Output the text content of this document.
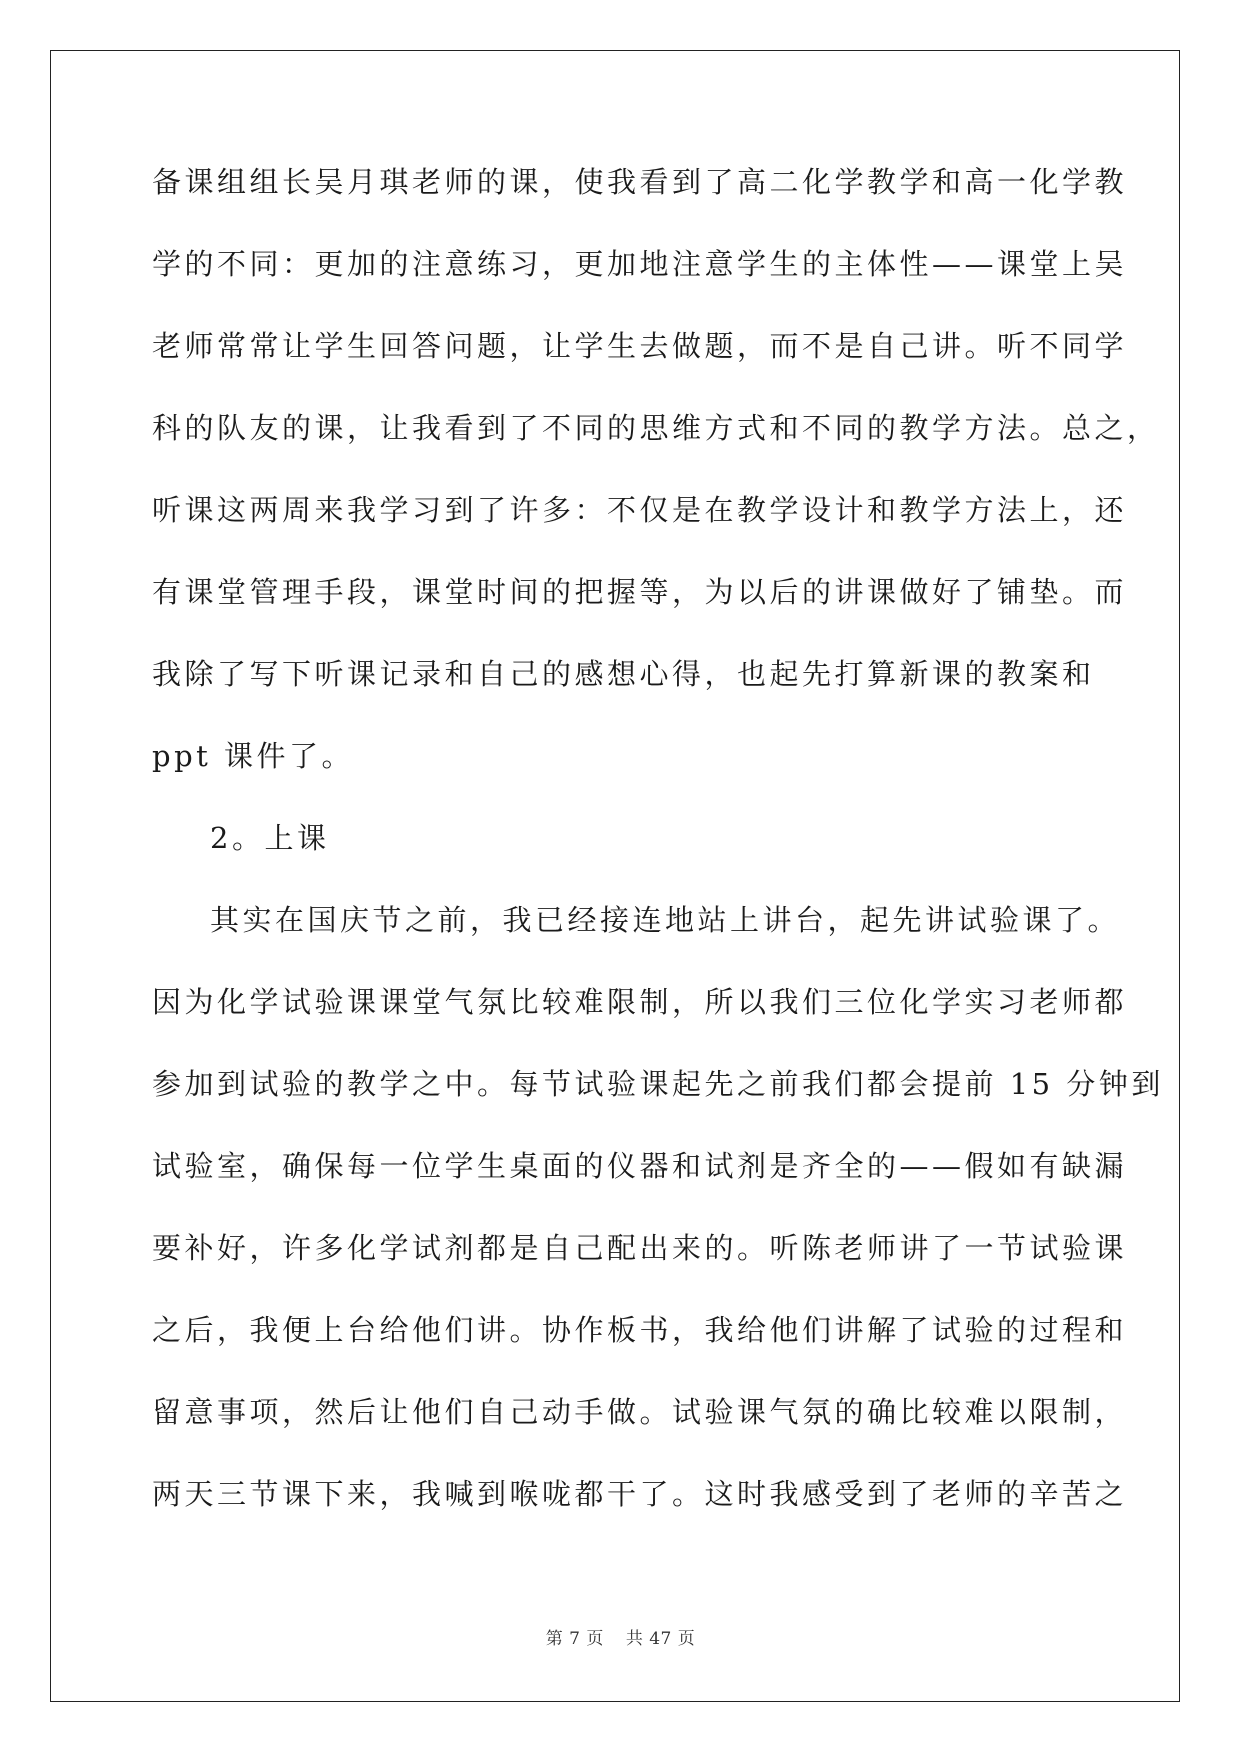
备课组组长吴月琪老师的课，使我看到了高二化学教学和高一化学教
学的不同：更加的注意练习，更加地注意学生的主体性——课堂上吴
老师常常让学生回答问题，让学生去做题，而不是自己讲。听不同学
科的队友的课，让我看到了不同的思维方式和不同的教学方法。总之，
听课这两周来我学习到了许多：不仅是在教学设计和教学方法上，还
有课堂管理手段，课堂时间的把握等，为以后的讲课做好了铺垫。而
我除了写下听课记录和自己的感想心得，也起先打算新课的教案和
ppt 课件了。
2。上课
其实在国庆节之前，我已经接连地站上讲台，起先讲试验课了。
因为化学试验课课堂气氛比较难限制，所以我们三位化学实习老师都
参加到试验的教学之中。每节试验课起先之前我们都会提前 15 分钟到
试验室，确保每一位学生桌面的仪器和试剂是齐全的——假如有缺漏
要补好，许多化学试剂都是自己配出来的。听陈老师讲了一节试验课
之后，我便上台给他们讲。协作板书，我给他们讲解了试验的过程和
留意事项，然后让他们自己动手做。试验课气氛的确比较难以限制，
两天三节课下来，我喊到喉咙都干了。这时我感受到了老师的辛苦之
第 7 页 共 47 页
